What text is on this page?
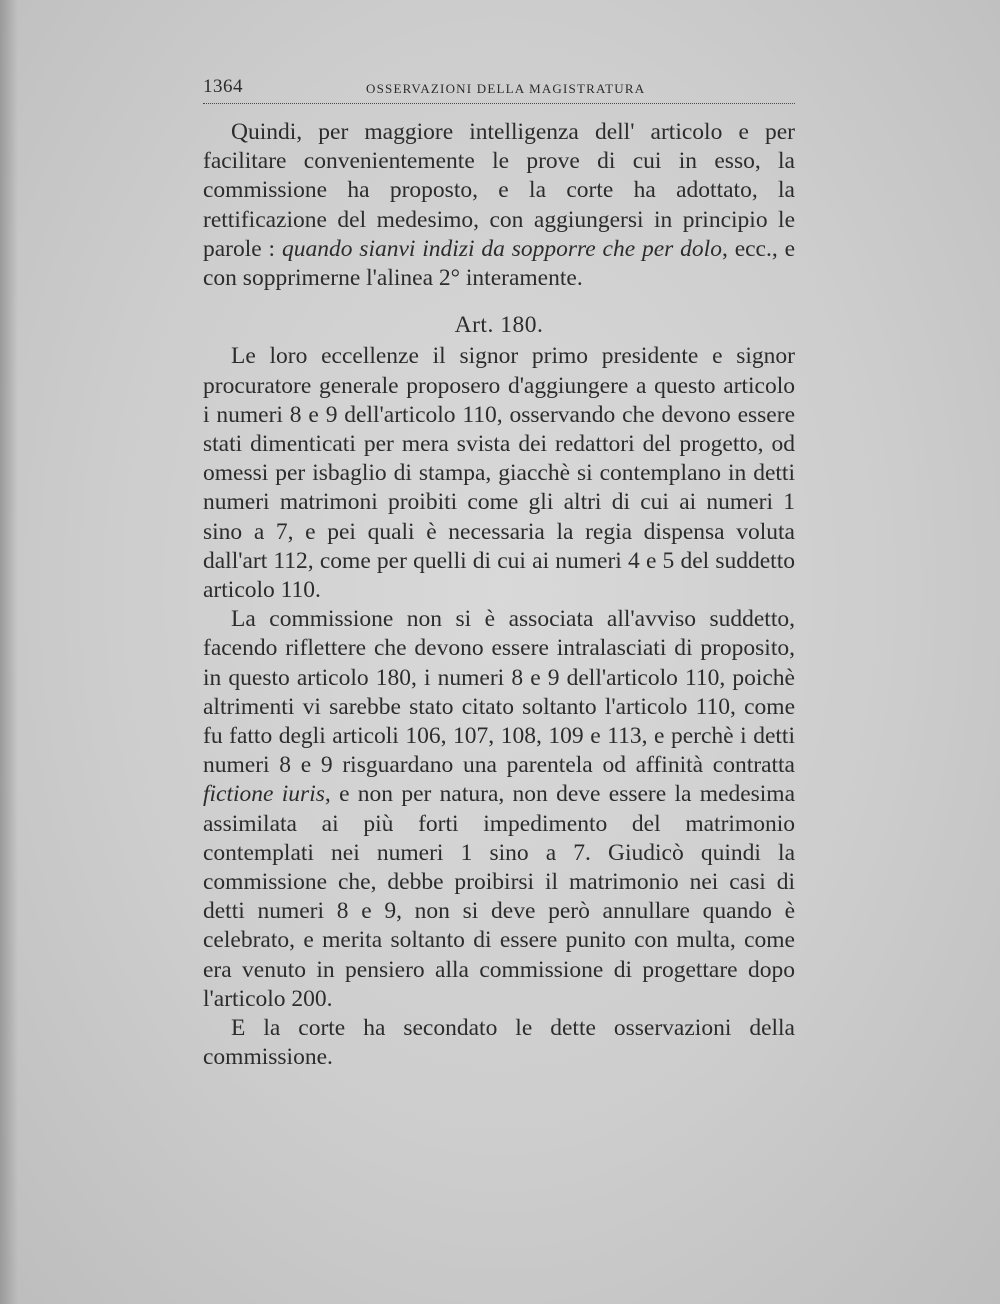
1364	OSSERVAZIONI DELLA MAGISTRATURA

Quindi, per maggiore intelligenza dell' articolo e per facilitare convenientemente le prove di cui in esso, la commissione ha proposto, e la corte ha adottato, la rettificazione del medesimo, con aggiungersi in principio le parole : quando sianvi indizi da sopporre che per dolo, ecc., e con sopprimerne l'alinea 2° interamente.

Art. 180.

Le loro eccellenze il signor primo presidente e signor procuratore generale proposero d'aggiungere a questo articolo i numeri 8 e 9 dell'articolo 110, osservando che devono essere stati dimenticati per mera svista dei redattori del progetto, od omessi per isbaglio di stampa, giacchè si contemplano in detti numeri matrimoni proibiti come gli altri di cui ai numeri 1 sino a 7, e pei quali è necessaria la regia dispensa voluta dall'art 112, come per quelli di cui ai numeri 4 e 5 del suddetto articolo 110.

La commissione non si è associata all'avviso suddetto, facendo riflettere che devono essere intralasciati di proposito, in questo articolo 180, i numeri 8 e 9 dell'articolo 110, poichè altrimenti vi sarebbe stato citato soltanto l'articolo 110, come fu fatto degli articoli 106, 107, 108, 109 e 113, e perchè i detti numeri 8 e 9 risguardano una parentela od affinità contratta fictione iuris, e non per natura, non deve essere la medesima assimilata ai più forti impedimento del matrimonio contemplati nei numeri 1 sino a 7. Giudicò quindi la commissione che, debbe proibirsi il matrimonio nei casi di detti numeri 8 e 9, non si deve però annullare quando è celebrato, e merita soltanto di essere punito con multa, come era venuto in pensiero alla commissione di progettare dopo l'articolo 200.

E la corte ha secondato le dette osservazioni della commissione.
